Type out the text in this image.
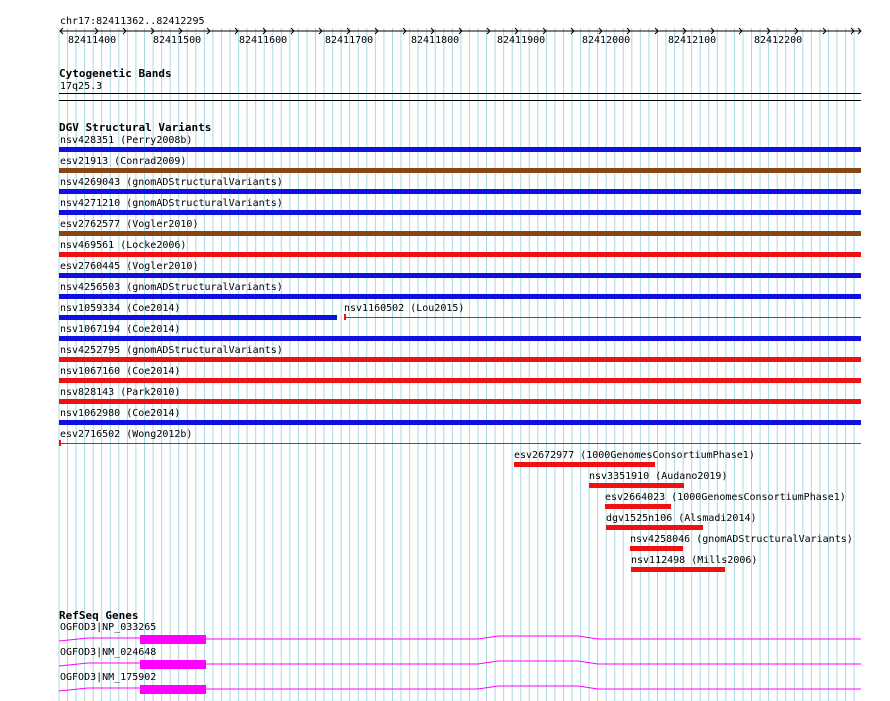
chr17:82411362..82412295
82411400	82411500	82411600	82411700	82411800	82411900	82412000	82412100	82412200
Cytogenetic Bands
17q25.3
DGV Structural Variants
nsv428351 (Perry2008b)
esv21913 (Conrad2009)
nsv4269043 (gnomADStructuralVariants)
nsv4271210 (gnomADStructuralVariants)
esv2762577 (Vogler2010)
nsv469561 (Locke2006)
esv2760445 (Vogler2010)
nsv4256503 (gnomADStructuralVariants)
nsv1059334 (Coe2014)	nsv1160502 (Lou2015)
nsv1067194 (Coe2014)
nsv4252795 (gnomADStructuralVariants)
nsv1067160 (Coe2014)
nsv828143 (Park2010)
nsv1062980 (Coe2014)
esv2716502 (Wong2012b)
esv2672977 (1000GenomesConsortiumPhase1)
nsv3351910 (Audano2019)
esv2664023 (1000GenomesConsortiumPhase1)
dgv1525n106 (Alsmadi2014)
nsv4258046 (gnomADStructuralVariants)
nsv112498 (Mills2006)
RefSeq Genes
OGFOD3|NP_033265
OGFOD3|NM_024648
OGFOD3|NM_175902
